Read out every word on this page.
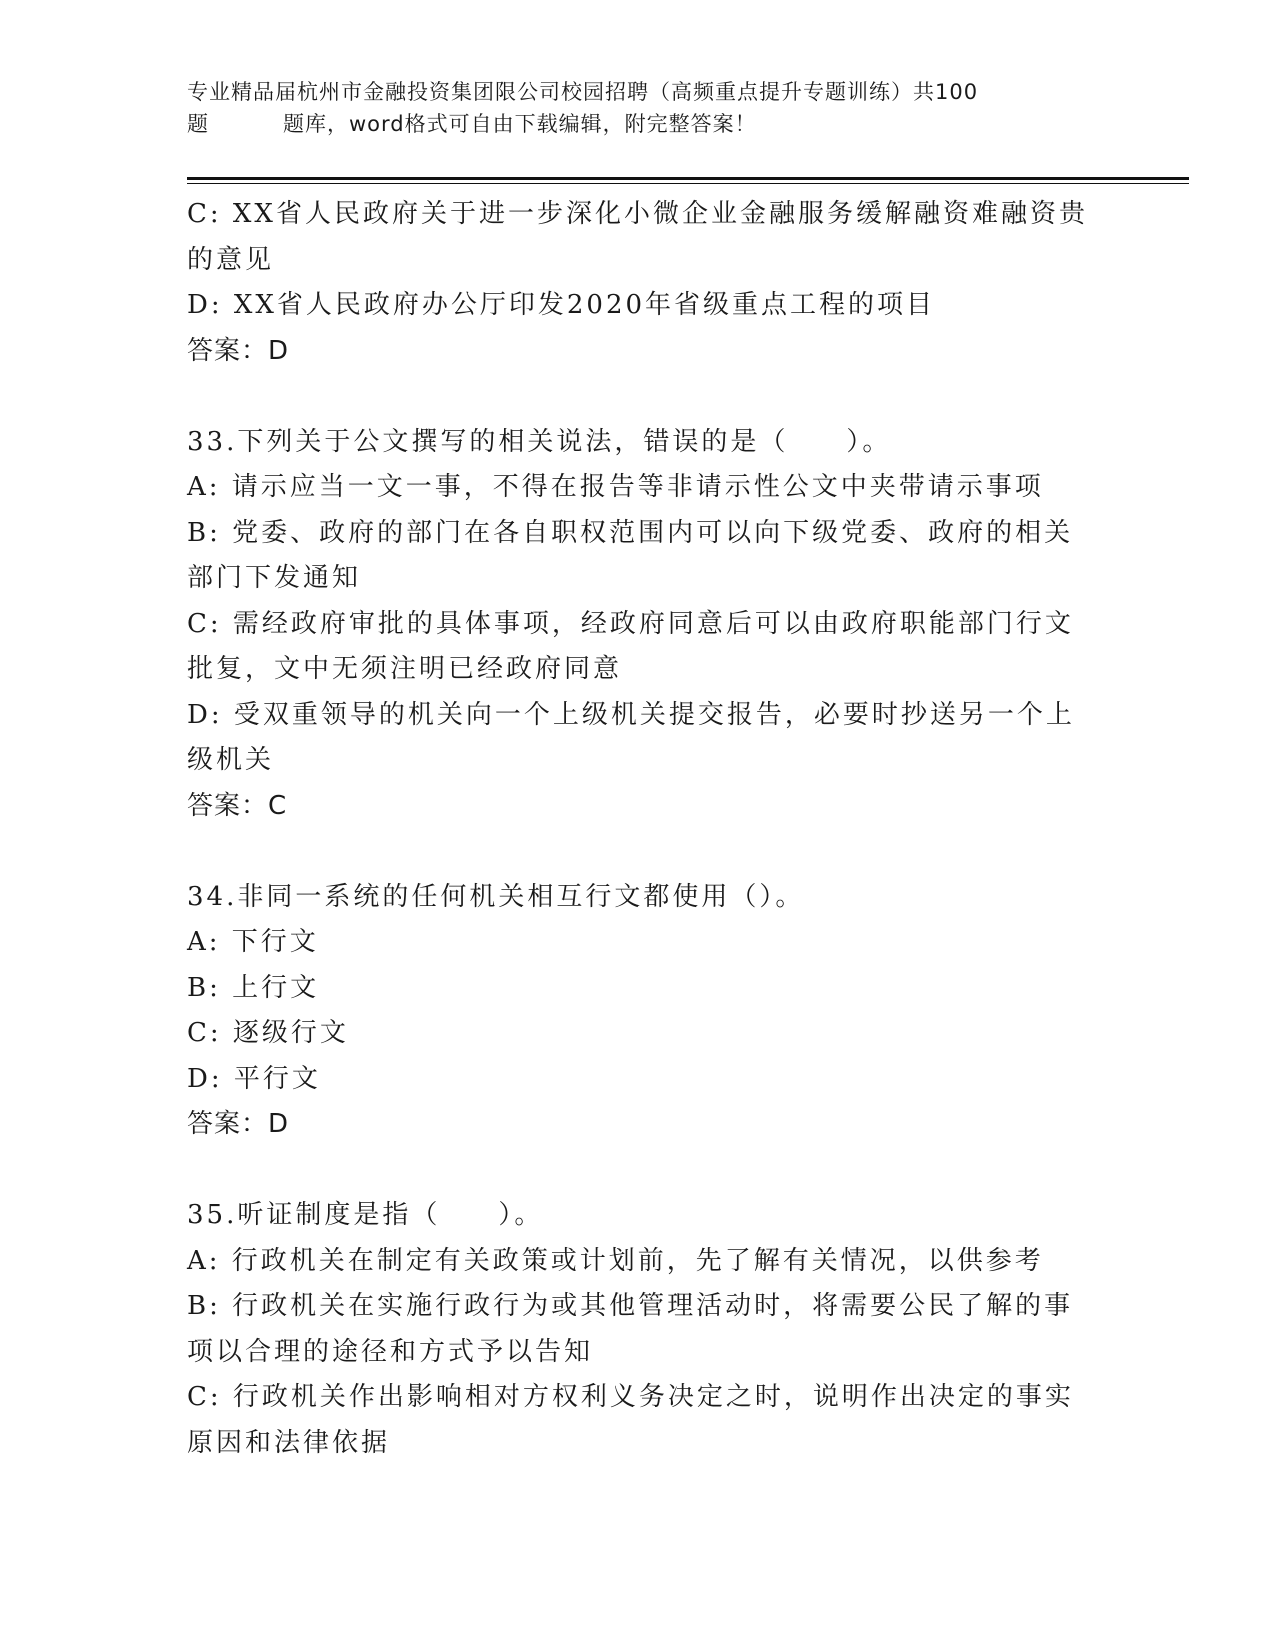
专业精品届杭州市金融投资集团限公司校园招聘（高频重点提升专题训练）共100
题	题库，word格式可自由下载编辑，附完整答案！
C: XX省人民政府关于进一步深化小微企业金融服务缓解融资难融资贵
的意见
D: XX省人民政府办公厅印发2020年省级重点工程的项目
答案：D
33.下列关于公文撰写的相关说法，错误的是（　　）。
A: 请示应当一文一事，不得在报告等非请示性公文中夹带请示事项
B: 党委、政府的部门在各自职权范围内可以向下级党委、政府的相关
部门下发通知
C: 需经政府审批的具体事项，经政府同意后可以由政府职能部门行文
批复，文中无须注明已经政府同意
D: 受双重领导的机关向一个上级机关提交报告，必要时抄送另一个上
级机关
答案：C
34.非同一系统的任何机关相互行文都使用（）。
A: 下行文
B: 上行文
C: 逐级行文
D: 平行文
答案：D
35.听证制度是指（　　）。
A: 行政机关在制定有关政策或计划前，先了解有关情况，以供参考
B: 行政机关在实施行政行为或其他管理活动时，将需要公民了解的事
项以合理的途径和方式予以告知
C: 行政机关作出影响相对方权利义务决定之时，说明作出决定的事实
原因和法律依据
